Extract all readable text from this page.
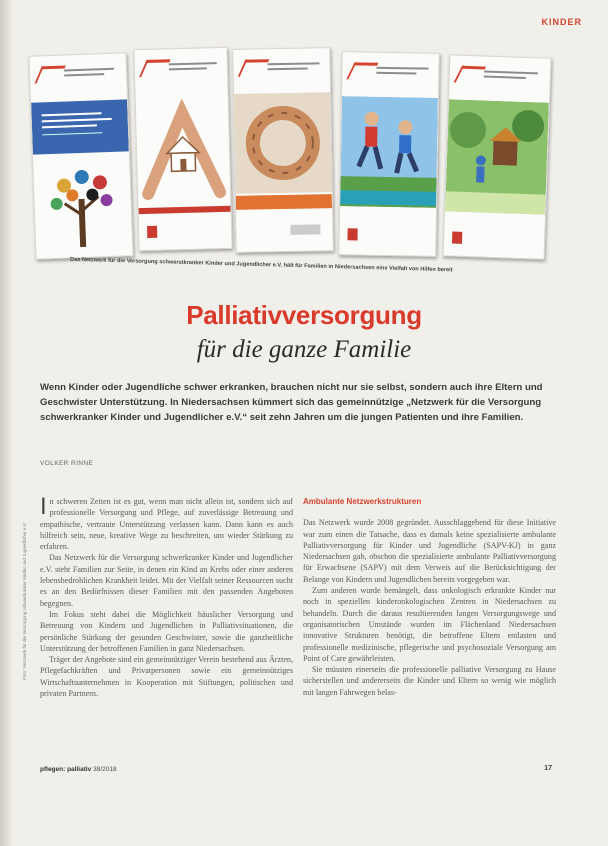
KINDER
Das Netzwerk für die Versorgung schwerstkranker Kinder und Jugendlicher e.V. hält für Familien in Niedersachsen eine Vielfalt von Hilfen bereit
Palliativversorgung
für die ganze Familie
Wenn Kinder oder Jugendliche schwer erkranken, brauchen nicht nur sie selbst, sondern auch ihre Eltern und Geschwister Unterstützung. In Niedersachsen kümmert sich das gemeinnützige „Netzwerk für die Versorgung schwerkranker Kinder und Jugendlicher e.V.“ seit zehn Jahren um die jungen Patienten und ihre Familien.
VOLKER RINNE

In schweren Zeiten ist es gut, wenn man nicht allein ist, sondern sich auf professionelle Versorgung und Pflege, auf zuverlässige Betreuung und empathische, vertraute Unterstützung verlassen kann. Dann kann es auch hilfreich sein, neue, kreative Wege zu beschreiten, um wieder Stärkung zu erfahren.

Das Netzwerk für die Versorgung schwerkranker Kinder und Jugendlicher e.V. steht Familien zur Seite, in denen ein Kind an Krebs oder einer anderen lebensbedrohlichen Krankheit leidet. Mit der Vielfalt seiner Ressourcen sucht es an den Bedürfnissen dieser Familien mit den passenden Angeboten begegnen.

Im Fokus steht dabei die Möglichkeit häuslicher Versorgung und Betreuung von Kindern und Jugendlichen in Palliativsituationen, die persönliche Stärkung der gesunden Geschwister, sowie die ganzheitliche Unterstützung der betroffenen Familien in ganz Niedersachsen.

Träger der Angebote sind ein gemeinnütziger Verein bestehend aus Ärzten, Pflegefachkräften und Privatpersonen sowie ein gemeinnütziges Wirtschaftsunternehmen in Kooperation mit Stiftungen, politischen und privaten Partnern.

Ambulante Netzwerkstrukturen

Das Netzwerk wurde 2008 gegründet. Ausschlaggebend für diese Initiative war zum einen die Tatsache, dass es damals keine spezialisierte ambulante Palliativversorgung für Kinder und Jugendliche (SAPV-KJ) in ganz Niedersachsen gab, obschon die spezialisierte ambulante Palliativversorgung für Erwachsene (SAPV) mit dem Verweis auf die Berücksichtigung der Belange von Kindern und Jugendlichen bereits vorgegeben war.

Zum anderen wurde bemängelt, dass onkologisch erkrankte Kinder nur noch in speziellen kinderonkologischen Zentren in Niedersachsen zu behandeln. Durch die daraus resultierenden langen Versorgungswege und organisatorischen Umstände wurden im Flächenland Niedersachsen innovative Strukturen benötigt, die betroffene Eltern entlasten und professionelle medizinische, pflegerische und psychosoziale Versorgung am Point of Care gewährleisten.

Sie müssten einerseits die professionelle palliative Versorgung zu Hause sicherstellen und andererseits die Kinder und Eltern so wenig wie möglich mit langen Fahrwegen belas-

Foto: Netzwerk für die Versorgung schwerkranker Kinder und Jugendlicher e.V.
pflegen: palliativ 38/2018	17
